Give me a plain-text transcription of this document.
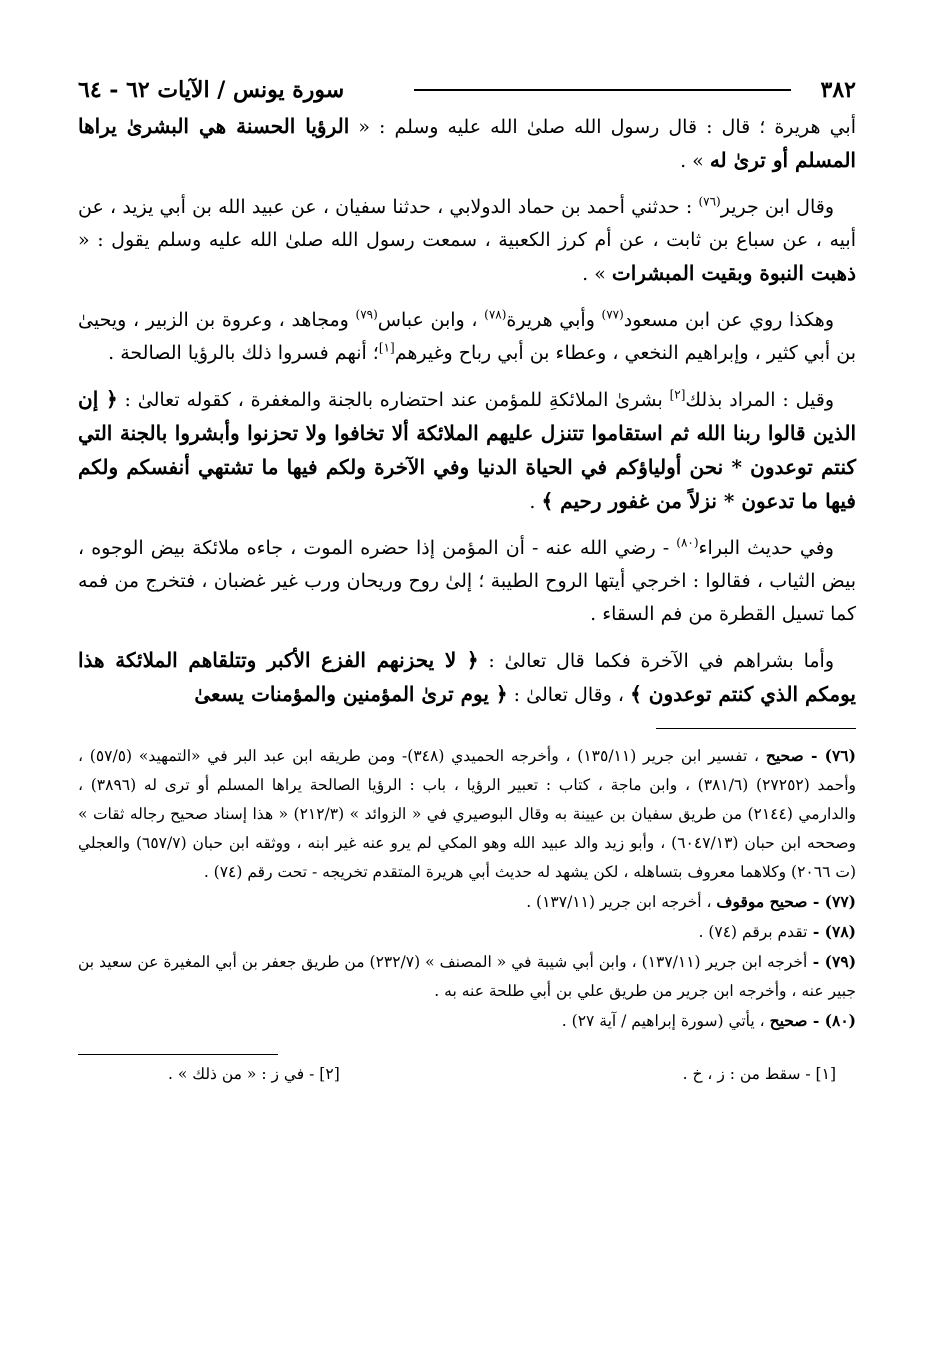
٣٨٢
سورة يونس / الآيات ٦٢ - ٦٤

أبي هريرة ؛ قال : قال رسول الله صلىٰ الله عليه وسلم : « الرؤيا الحسنة هي البشرىٰ يراها المسلم أو ترىٰ له » .

وقال ابن جرير$^{(٧٦)}$ : حدثني أحمد بن حماد الدولابي ، حدثنا سفيان ، عن عبيد الله بن أبي يزيد ، عن أبيه ، عن سباع بن ثابت ، عن أم كرز الكعبية ، سمعت رسول الله صلىٰ الله عليه وسلم يقول : « ذهبت النبوة وبقيت المبشرات » .

وهكذا روي عن ابن مسعود$^{(٧٧)}$ وأبي هريرة$^{(٧٨)}$ ، وابن عباس$^{(٧٩)}$ ومجاهد ، وعروة بن الزبير ، ويحيىٰ بن أبي كثير ، وإبراهيم النخعي ، وعطاء بن أبي رباح وغيرهم[١]؛ أنهم فسروا ذلك بالرؤيا الصالحة .

وقيل : المراد بذلك[٢] بشرىٰ الملائكةِ للمؤمن عند احتضاره بالجنة والمغفرة ، كقوله تعالىٰ : ﴿ إن الذين قالوا ربنا الله ثم استقاموا تتنزل عليهم الملائكة ألا تخافوا ولا تحزنوا وأبشروا بالجنة التي كنتم توعدون * نحن أولياؤكم في الحياة الدنيا وفي الآخرة ولكم فيها ما تشتهي أنفسكم ولكم فيها ما تدعون * نزلاً من غفور رحيم ﴾ .

وفي حديث البراء$^{(٨٠)}$ - رضي الله عنه - أن المؤمن إذا حضره الموت ، جاءه ملائكة بيض الوجوه ، بيض الثياب ، فقالوا : اخرجي أيتها الروح الطيبة ؛ إلىٰ روح وريحان ورب غير غضبان ، فتخرج من فمه كما تسيل القطرة من فم السقاء .

وأما بشراهم في الآخرة فكما قال تعالىٰ : ﴿ لا يحزنهم الفزع الأكبر وتتلقاهم الملائكة هذا يومكم الذي كنتم توعدون ﴾ ، وقال تعالىٰ : ﴿ يوم ترىٰ المؤمنين والمؤمنات يسعىٰ

(٧٦) - صحيح ، تفسير ابن جرير (١٣٥/١١) ، وأخرجه الحميدي (٣٤٨)- ومن طريقه ابن عبد البر في «التمهيد» (٥٧/٥) ، وأحمد (٢٧٢٥٢) (٣٨١/٦) ، وابن ماجة ، كتاب : تعبير الرؤيا ، باب : الرؤيا الصالحة يراها المسلم أو ترى له (٣٨٩٦) ، والدارمي (٢١٤٤) من طريق سفيان بن عيينة به وقال البوصيري في « الزوائد » (٢١٢/٣) « هذا إسناد صحيح رجاله ثقات » وصححه ابن حبان (٦٠٤٧/١٣) ، وأبو زيد والد عبيد الله وهو المكي لم يرو عنه غير ابنه ، ووثقه ابن حبان (٦٥٧/٧) والعجلي (ت ٢٠٦٦) وكلاهما معروف بتساهله ، لكن يشهد له حديث أبي هريرة المتقدم تخريجه - تحت رقم (٧٤) .

(٧٧) - صحيح موقوف ، أخرجه ابن جرير (١٣٧/١١) .

(٧٨) - تقدم برقم (٧٤) .

(٧٩) - أخرجه ابن جرير (١٣٧/١١) ، وابن أبي شيبة في « المصنف » (٢٣٢/٧) من طريق جعفر بن أبي المغيرة عن سعيد بن جبير عنه ، وأخرجه ابن جرير من طريق علي بن أبي طلحة عنه به .

(٨٠) - صحيح ، يأتي (سورة إبراهيم / آية ٢٧) .

[١] - سقط من : ز ، خ .
[٢] - في ز : « من ذلك » .
